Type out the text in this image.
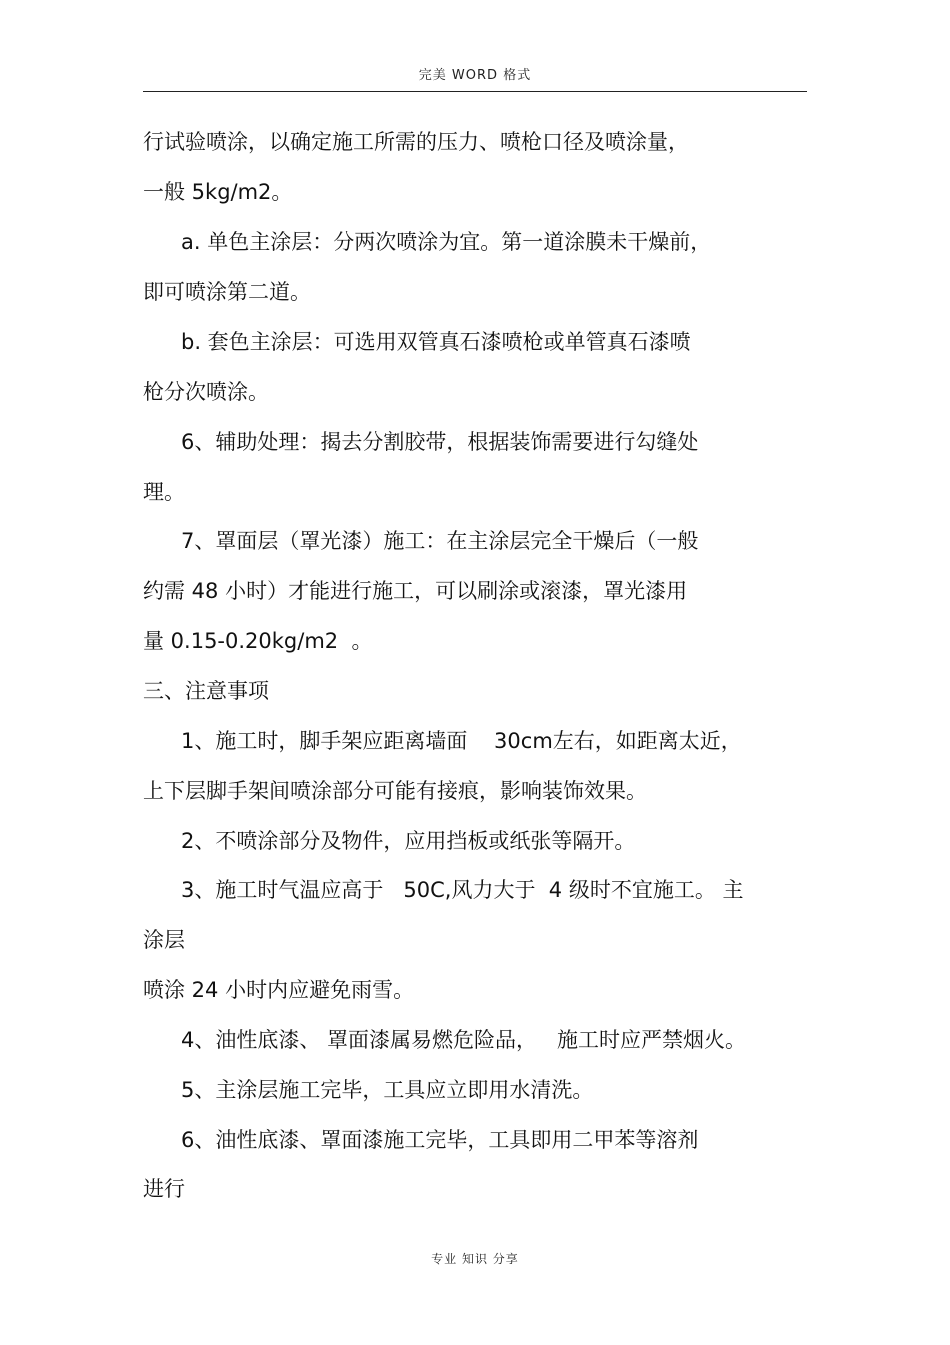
完美 WORD 格式
行试验喷涂，以确定施工所需的压力、喷枪口径及喷涂量，
一般 5kg/m2。
a. 单色主涂层：分两次喷涂为宜。第一道涂膜未干燥前，
即可喷涂第二道。
b. 套色主涂层：可选用双管真石漆喷枪或单管真石漆喷
枪分次喷涂。
6、辅助处理：揭去分割胶带，根据装饰需要进行勾缝处
理。
7、罩面层（罩光漆）施工：在主涂层完全干燥后（一般
约需 48 小时）才能进行施工，可以刷涂或滚漆，罩光漆用
量 0.15-0.20kg/m2  。
三、注意事项
1、施工时，脚手架应距离墙面    30cm左右，如距离太近，
上下层脚手架间喷涂部分可能有接痕，影响装饰效果。
2、不喷涂部分及物件，应用挡板或纸张等隔开。
3、施工时气温应高于   50C,风力大于  4 级时不宜施工。 主
涂层
喷涂 24 小时内应避免雨雪。
4、油性底漆、 罩面漆属易燃危险品，   施工时应严禁烟火。
5、主涂层施工完毕，工具应立即用水清洗。
6、油性底漆、罩面漆施工完毕，工具即用二甲苯等溶剂
进行
专业 知识 分享
